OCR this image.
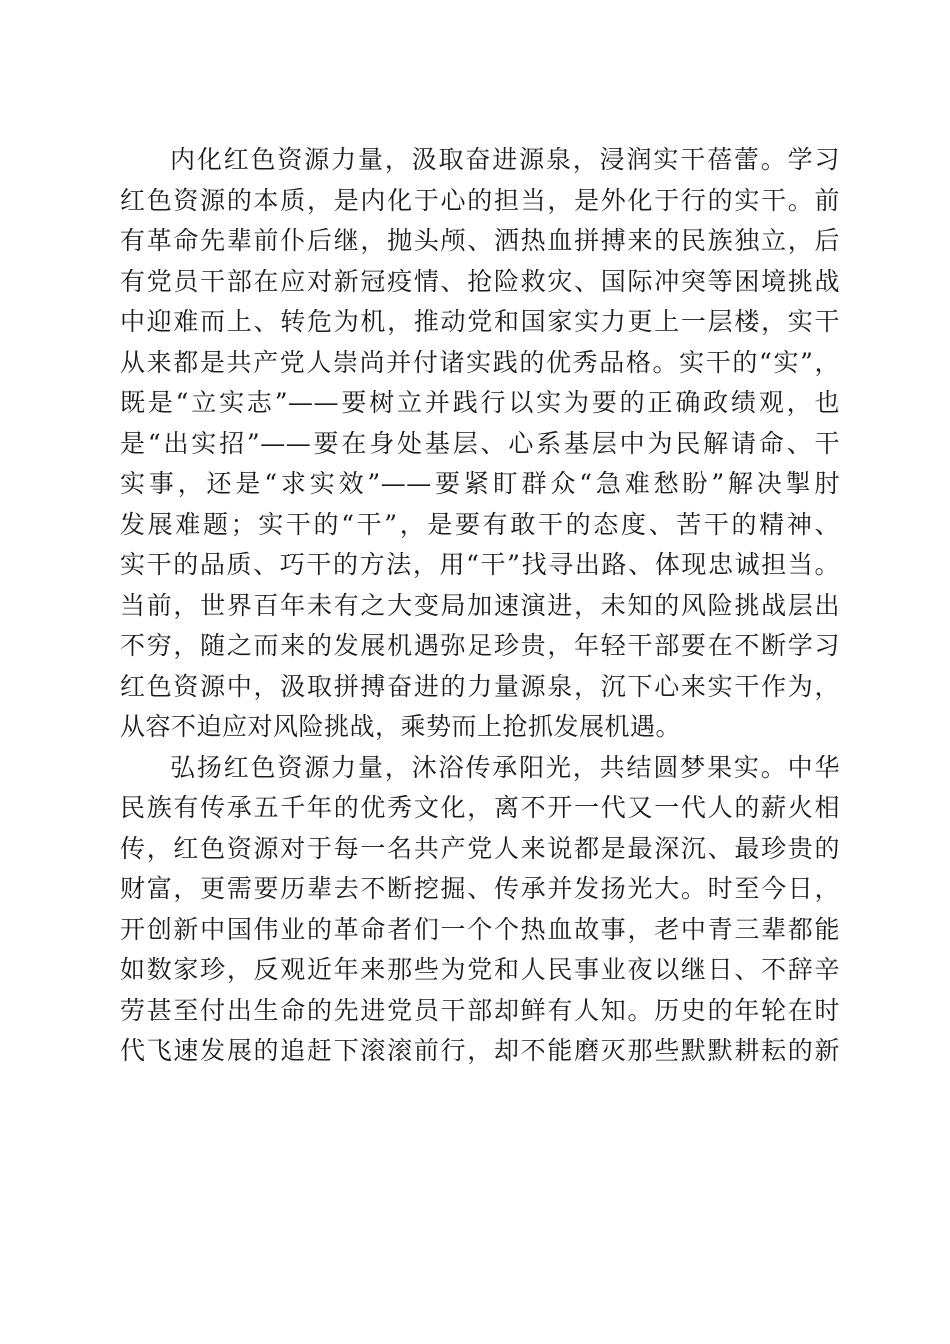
内化红色资源力量，汲取奋进源泉，浸润实干蓓蕾。学习
红色资源的本质，是内化于心的担当，是外化于行的实干。前
有革命先辈前仆后继，抛头颅、洒热血拼搏来的民族独立，后
有党员干部在应对新冠疫情、抢险救灾、国际冲突等困境挑战
中迎难而上、转危为机，推动党和国家实力更上一层楼，实干
从来都是共产党人崇尚并付诸实践的优秀品格。实干的“实”，
既是“立实志”——要树立并践行以实为要的正确政绩观，也
是“出实招”——要在身处基层、心系基层中为民解请命、干
实事，还是“求实效”——要紧盯群众“急难愁盼”解决掣肘
发展难题；实干的“干”，是要有敢干的态度、苦干的精神、
实干的品质、巧干的方法，用“干”找寻出路、体现忠诚担当。
当前，世界百年未有之大变局加速演进，未知的风险挑战层出
不穷，随之而来的发展机遇弥足珍贵，年轻干部要在不断学习
红色资源中，汲取拼搏奋进的力量源泉，沉下心来实干作为，
从容不迫应对风险挑战，乘势而上抢抓发展机遇。
弘扬红色资源力量，沐浴传承阳光，共结圆梦果实。中华
民族有传承五千年的优秀文化，离不开一代又一代人的薪火相
传，红色资源对于每一名共产党人来说都是最深沉、最珍贵的
财富，更需要历辈去不断挖掘、传承并发扬光大。时至今日，
开创新中国伟业的革命者们一个个热血故事，老中青三辈都能
如数家珍，反观近年来那些为党和人民事业夜以继日、不辞辛
劳甚至付出生命的先进党员干部却鲜有人知。历史的年轮在时
代飞速发展的追赶下滚滚前行，却不能磨灭那些默默耕耘的新
